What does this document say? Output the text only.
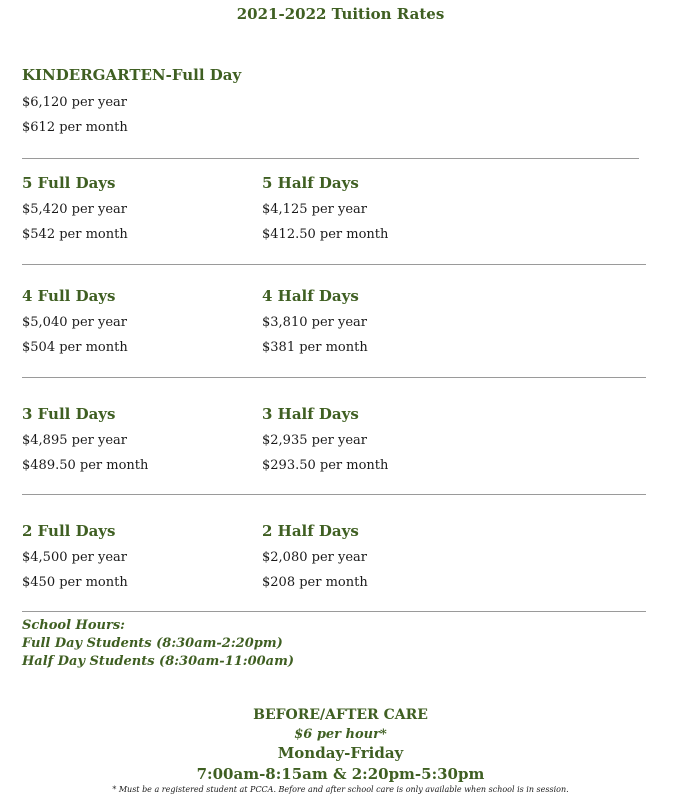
2021-2022 Tuition Rates
KINDERGARTEN-Full Day
$6,120 per year
$612 per month
5 Full Days
$5,420 per year
$542 per month
5 Half Days
$4,125 per year
$412.50 per month
4 Full Days
$5,040 per year
$504 per month
4 Half Days
$3,810 per year
$381 per month
3 Full Days
$4,895 per year
$489.50 per month
3 Half Days
$2,935 per year
$293.50 per month
2 Full Days
$4,500 per year
$450 per month
2 Half Days
$2,080 per year
$208 per month
School Hours:
Full Day Students (8:30am-2:20pm)
Half Day Students (8:30am-11:00am)
BEFORE/AFTER CARE
$6 per hour*
Monday-Friday
7:00am-8:15am & 2:20pm-5:30pm
* Must be a registered student at PCCA. Before and after school care is only available when school is in session.
